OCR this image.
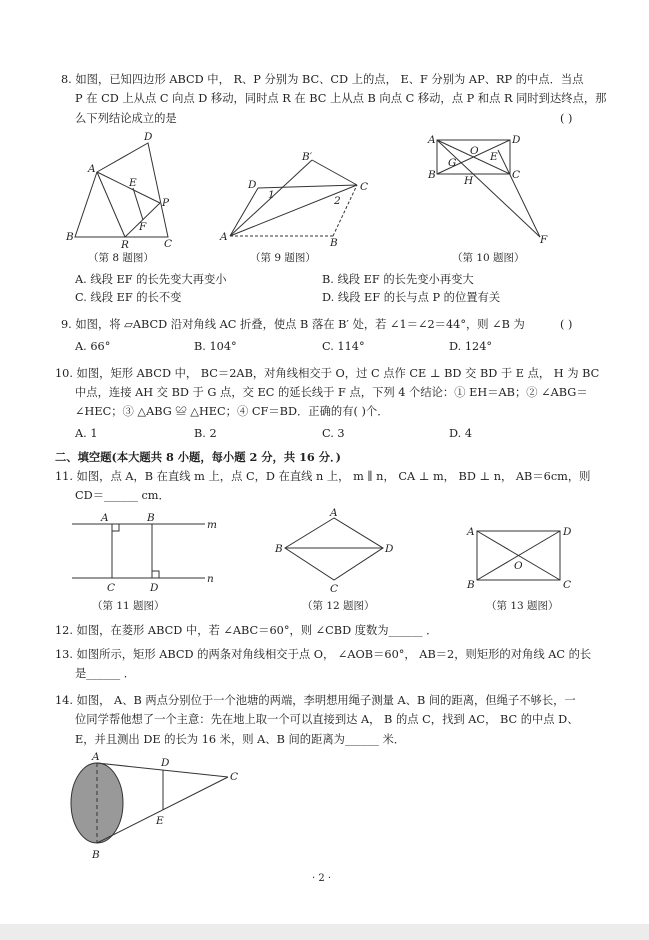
8. 如图，已知四边形 ABCD 中， R、P 分别为 BC、CD 上的点， E、F 分别为 AP、RP 的中点．当点
P 在 CD 上从点 C 向点 D 移动，同时点 R 在 BC 上从点 B 向点 C 移动，点 P 和点 R 同时到达终点，那
么下列结论成立的是	( )
A
D
B
C
R
P
E
F
A
D	C
B
B′
1	2
A	D
B	C
O
G	E
H
F
A	B
C	D
m
n
A
B	D
C
A	D
B	C
O
A
B
C
D
E
（第 8 题图）	（第 9 题图）	（第 10 题图）
A. 线段 EF 的长先变大再变小	B. 线段 EF 的长先变小再变大
C. 线段 EF 的长不变	D. 线段 EF 的长与点 P 的位置有关
9. 如图，将 ▱ABCD 沿对角线 AC 折叠，使点 B 落在 B′ 处，若 ∠1＝∠2＝44°，则 ∠B 为	( )
A. 66°	B. 104°	C. 114°	D. 124°
10. 如图，矩形 ABCD 中， BC＝2AB，对角线相交于 O，过 C 点作 CE ⊥ BD 交 BD 于 E 点， H 为 BC
中点，连接 AH 交 BD 于 G 点，交 EC 的延长线于 F 点，下列 4 个结论：① EH＝AB；② ∠ABG＝
∠HEC；③ △ABG ≌ △HEC；④ CF＝BD．正确的有( )个．
A. 1	B. 2	C. 3	D. 4
二、填空题(本大题共 8 小题，每小题 2 分，共 16 分．)
11. 如图，点 A，B 在直线 m 上，点 C，D 在直线 n 上， m ∥ n， CA ⊥ m， BD ⊥ n， AB＝6cm，则
CD＝______ cm．
（第 11 题图）	（第 12 题图）	（第 13 题图）
12. 如图，在菱形 ABCD 中，若 ∠ABC＝60°，则 ∠CBD 度数为______ ．
13. 如图所示，矩形 ABCD 的两条对角线相交于点 O， ∠AOB＝60°， AB＝2，则矩形的对角线 AC 的长
是______ ．
14. 如图， A、B 两点分别位于一个池塘的两端，李明想用绳子测量 A、B 间的距离，但绳子不够长，一
位同学帮他想了一个主意：先在地上取一个可以直接到达 A， B 的点 C，找到 AC， BC 的中点 D、
E，并且测出 DE 的长为 16 米，则 A、B 间的距离为______ 米．
· 2 ·
